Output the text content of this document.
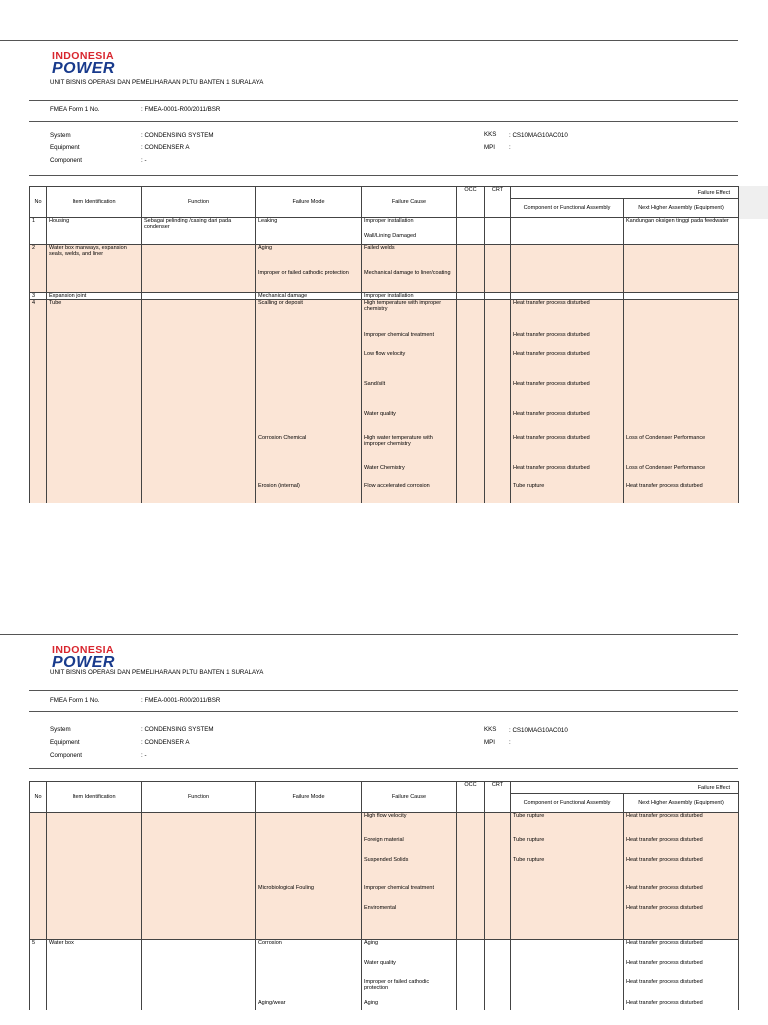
INDONESIA
POWER
UNIT BISNIS OPERASI DAN PEMELIHARAAN PLTU BANTEN 1 SURALAYA
FMEA Form 1 No.	: FMEA-0001-R00/2011/BSR
System	: CONDENSING SYSTEM
Equipment	: CONDENSER A
Component	: -
KKS : CS10MAG10AC010
MPI :
No	Item Identification	Function	Failure Mode	Failure Cause	OCC	CRT	Failure Effect	
							Component or Functional Assembly	Next Higher Assembly (Equipment)
1	Housing	Sebagai pelinding /casing dari pada condenser	Leaking	Improper installation				Kandungan oksigen tinggi pada feedwater
				Wall/Lining Damaged				
2	Water box manways, expansion seals, welds, and liner		Aging	Failed welds				
			Improper or failed cathodic protection	Mechanical damage to liner/coating				
3	Expansion joint		Mechanical damage	Improper installation				
4	Tube		Scalling or deposit	High temperature with improper chemistry			Heat transfer process disturbed	
				Improper chemical treatment			Heat transfer process disturbed	
				Low flow velocity			Heat transfer process disturbed	
				Sand/silt			Heat transfer process disturbed	
				Water quality			Heat transfer process disturbed	
			Corrosion Chemical	High water temperature with improper chemistry			Heat transfer process disturbed	Loss of Condenser Performance
				Water Chemistry			Heat transfer process disturbed	Loss of Condenser Performance
			Erosion (internal)	Flow accelerated corrosion			Tube rupture	Heat transfer process disturbed
INDONESIA
POWER
UNIT BISNIS OPERASI DAN PEMELIHARAAN PLTU BANTEN 1 SURALAYA
FMEA Form 1 No.	: FMEA-0001-R00/2011/BSR
System	: CONDENSING SYSTEM
Equipment	: CONDENSER A
Component	: -
KKS : CS10MAG10AC010
MPI :
No	Item Identification	Function	Failure Mode	Failure Cause	OCC	CRT	Failure Effect	
							Component or Functional Assembly	Next Higher Assembly (Equipment)
				High flow velocity			Tube rupture	Heat transfer process disturbed
				Foreign material			Tube rupture	Heat transfer process disturbed
				Suspended Solids			Tube rupture	Heat transfer process disturbed
			Microbiological Fouling	Improper chemical treatment				Heat transfer process disturbed
				Enviromental				Heat transfer process disturbed
5	Water box		Corrosion	Aging				Heat transfer process disturbed
				Water quality				Heat transfer process disturbed
				Improper or failed cathodic protection				Heat transfer process disturbed
			Aging/wear	Aging				Heat transfer process disturbed
